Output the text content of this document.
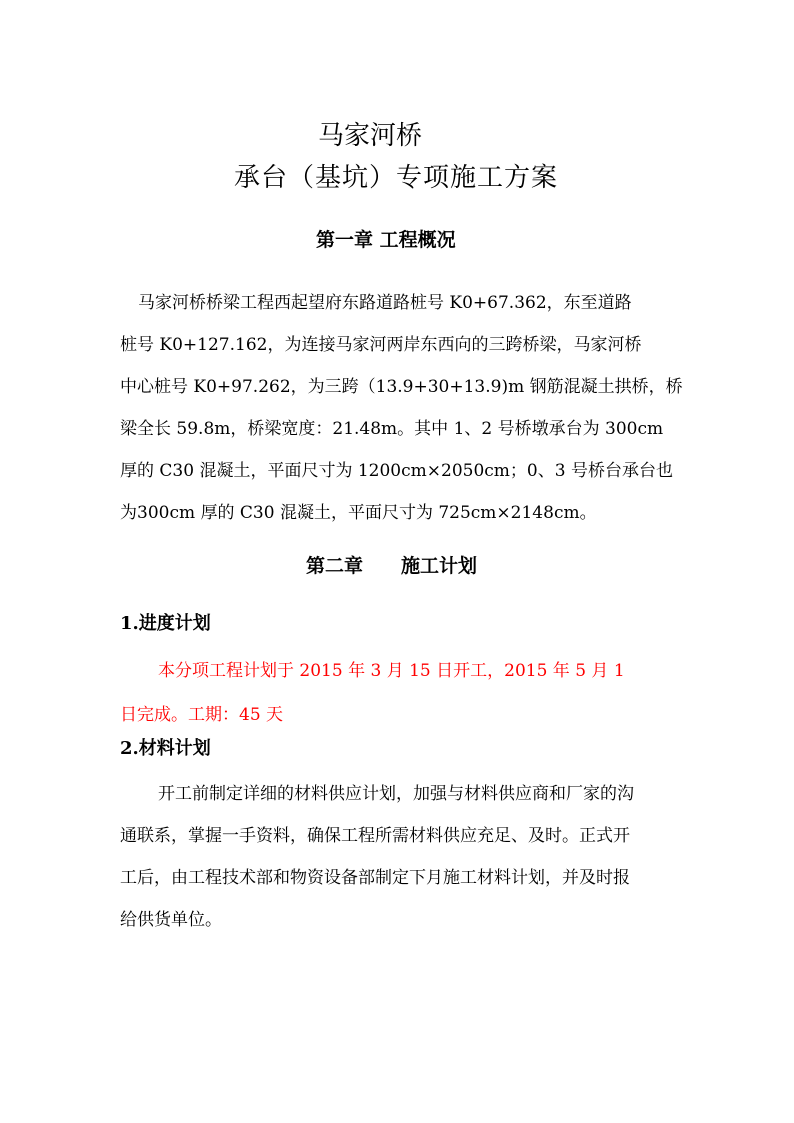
马家河桥
承台（基坑）专项施工方案
第一章 工程概况

马家河桥桥梁工程西起望府东路道路桩号 K0+67.362，东至道路

桩号 K0+127.162，为连接马家河两岸东西向的三跨桥梁，马家河桥

中心桩号 K0+97.262，为三跨（13.9+30+13.9)m 钢筋混凝土拱桥，桥

梁全长 59.8m，桥梁宽度：21.48m。其中 1、2 号桥墩承台为 300cm

厚的 C30 混凝土，平面尺寸为 1200cm×2050cm；0、3 号桥台承台也

为300cm 厚的 C30 混凝土，平面尺寸为 725cm×2148cm。

第二章 施工计划
1.进度计划

本分项工程计划于 2015 年 3 月 15 日开工，2015 年 5 月 1

日完成。工期：45 天

2.材料计划

开工前制定详细的材料供应计划，加强与材料供应商和厂家的沟

通联系，掌握一手资料，确保工程所需材料供应充足、及时。正式开

工后，由工程技术部和物资设备部制定下月施工材料计划，并及时报

给供货单位。
